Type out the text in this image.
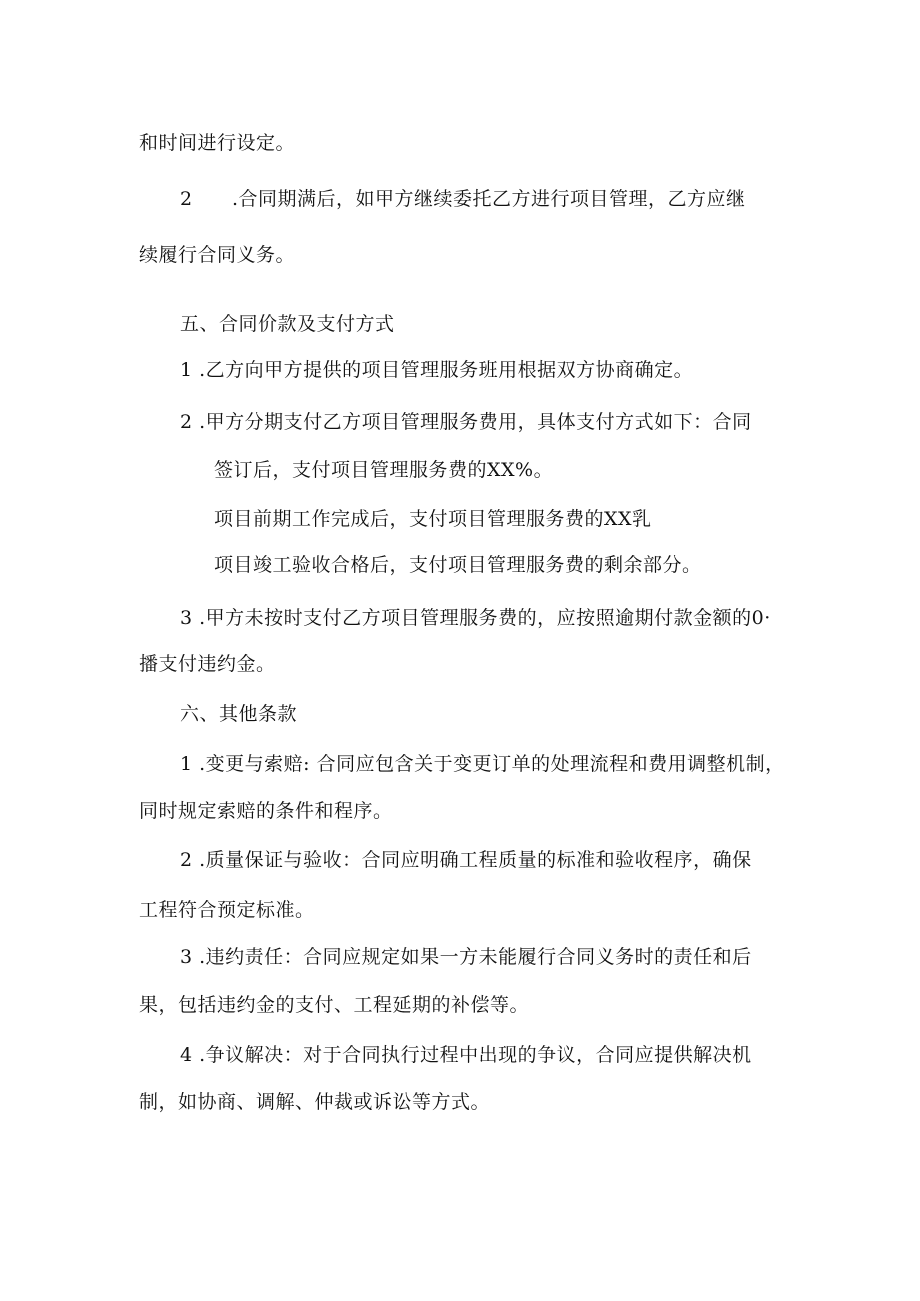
和时间进行设定。
2 .合同期满后，如甲方继续委托乙方进行项目管理，乙方应继
续履行合同义务。
五、合同价款及支付方式
1 .乙方向甲方提供的项目管理服务班用根据双方协商确定。
2 .甲方分期支付乙方项目管理服务费用，具体支付方式如下：合同
签订后，支付项目管理服务费的XX%。
项目前期工作完成后，支付项目管理服务费的XX乳
项目竣工验收合格后，支付项目管理服务费的剩余部分。
3 .甲方未按时支付乙方项目管理服务费的，应按照逾期付款金额的0·
播支付违约金。
六、其他条款
1 .变更与索赔: 合同应包含关于变更订单的处理流程和费用调整机制，
同时规定索赔的条件和程序。
2 .质量保证与验收：合同应明确工程质量的标准和验收程序，确保
工程符合预定标准。
3 .违约责任：合同应规定如果一方未能履行合同义务时的责任和后
果，包括违约金的支付、工程延期的补偿等。
4 .争议解决：对于合同执行过程中出现的争议，合同应提供解决机
制，如协商、调解、仲裁或诉讼等方式。
